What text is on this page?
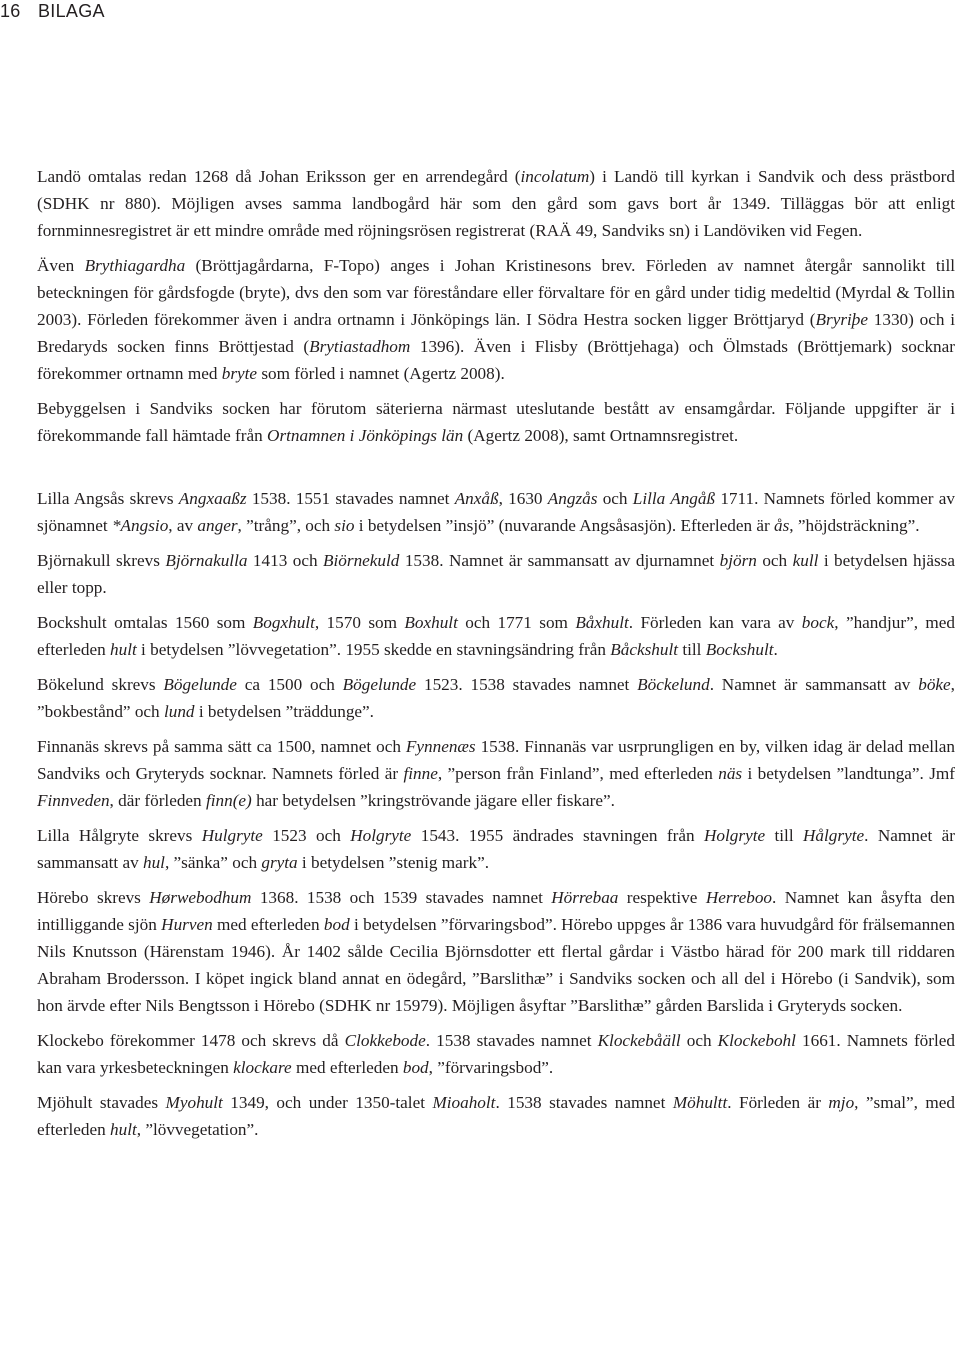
16 BILAGA

Landö omtalas redan 1268 då Johan Eriksson ger en arrendegård (incolatum) i Landö till kyrkan i Sandvik och dess prästbord (SDHK nr 880). Möjligen avses samma landbogård här som den gård som gavs bort år 1349. Tilläggas bör att enligt fornminnesregistret är ett mindre område med röjningsrösen registrerat (RAÄ 49, Sandviks sn) i Landöviken vid Fegen.

Även Brythiagardha (Bröttjagårdarna, F-Topo) anges i Johan Kristinesons brev. Förleden av namnet återgår sannolikt till beteckningen för gårdsfogde (bryte), dvs den som var föreståndare eller förvaltare för en gård under tidig medeltid (Myrdal & Tollin 2003). Förleden förekommer även i andra ortnamn i Jönköpings län. I Södra Hestra socken ligger Bröttjaryd (Bryriþe 1330) och i Bredaryds socken finns Bröttjestad (Brytiastadhom 1396). Även i Flisby (Bröttjehaga) och Ölmstads (Bröttjemark) socknar förekommer ortnamn med bryte som förled i namnet (Agertz 2008).

Bebyggelsen i Sandviks socken har förutom säterierna närmast uteslutande bestått av ensamgårdar. Följande uppgifter är i förekommande fall hämtade från Ortnamnen i Jönköpings län (Agertz 2008), samt Ortnamnsregistret.

Lilla Angsås skrevs Angxaaßz 1538. 1551 stavades namnet Anxåß, 1630 Angzås och Lilla Angåß 1711. Namnets förled kommer av sjönamnet *Angsio, av anger, ”trång”, och sio i betydelsen ”insjö” (nuvarande Angsåsasjön). Efterleden är ås, ”höjdsträckning”.

Björnakull skrevs Björnakulla 1413 och Biörnekuld 1538. Namnet är sammansatt av djurnamnet björn och kull i betydelsen hjässa eller topp.

Bockshult omtalas 1560 som Bogxhult, 1570 som Boxhult och 1771 som Båxhult. Förleden kan vara av bock, ”handjur”, med efterleden hult i betydelsen ”lövvegetation”. 1955 skedde en stavningsändring från Båckshult till Bockshult.

Bökelund skrevs Bögelunde ca 1500 och Bögelunde 1523. 1538 stavades namnet Böckelund. Namnet är sammansatt av böke, ”bokbestånd” och lund i betydelsen ”träddunge”.

Finnanäs skrevs på samma sätt ca 1500, namnet och Fynnenæs 1538. Finnanäs var usrprungligen en by, vilken idag är delad mellan Sandviks och Gryteryds socknar. Namnets förled är finne, ”person från Finland”, med efterleden näs i betydelsen ”landtunga”. Jmf Finnveden, där förleden finn(e) har betydelsen ”kringströvande jägare eller fiskare”.

Lilla Hålgryte skrevs Hulgryte 1523 och Holgryte 1543. 1955 ändrades stavningen från Holgryte till Hålgryte. Namnet är sammansatt av hul, ”sänka” och gryta i betydelsen ”stenig mark”.

Hörebo skrevs Hørwebodhum 1368. 1538 och 1539 stavades namnet Hörrebaa respektive Herreboo. Namnet kan åsyfta den intilliggande sjön Hurven med efterleden bod i betydelsen ”förvaringsbod”. Hörebo uppges år 1386 vara huvudgård för frälsemannen Nils Knutsson (Härenstam 1946). År 1402 sålde Cecilia Björnsdotter ett flertal gårdar i Västbo härad för 200 mark till riddaren Abraham Brodersson. I köpet ingick bland annat en ödegård, ”Barslithæ” i Sandviks socken och all del i Hörebo (i Sandvik), som hon ärvde efter Nils Bengtsson i Hörebo (SDHK nr 15979). Möjligen åsyftar ”Barslithæ” gården Barslida i Gryteryds socken.

Klockebo förekommer 1478 och skrevs då Clokkebode. 1538 stavades namnet Klockebåäll och Klockebohl 1661. Namnets förled kan vara yrkesbeteckningen klockare med efterleden bod, ”förvaringsbod”.

Mjöhult stavades Myohult 1349, och under 1350-talet Mioaholt. 1538 stavades namnet Möhultt. Förleden är mjo, ”smal”, med efterleden hult, ”lövvegetation”.
